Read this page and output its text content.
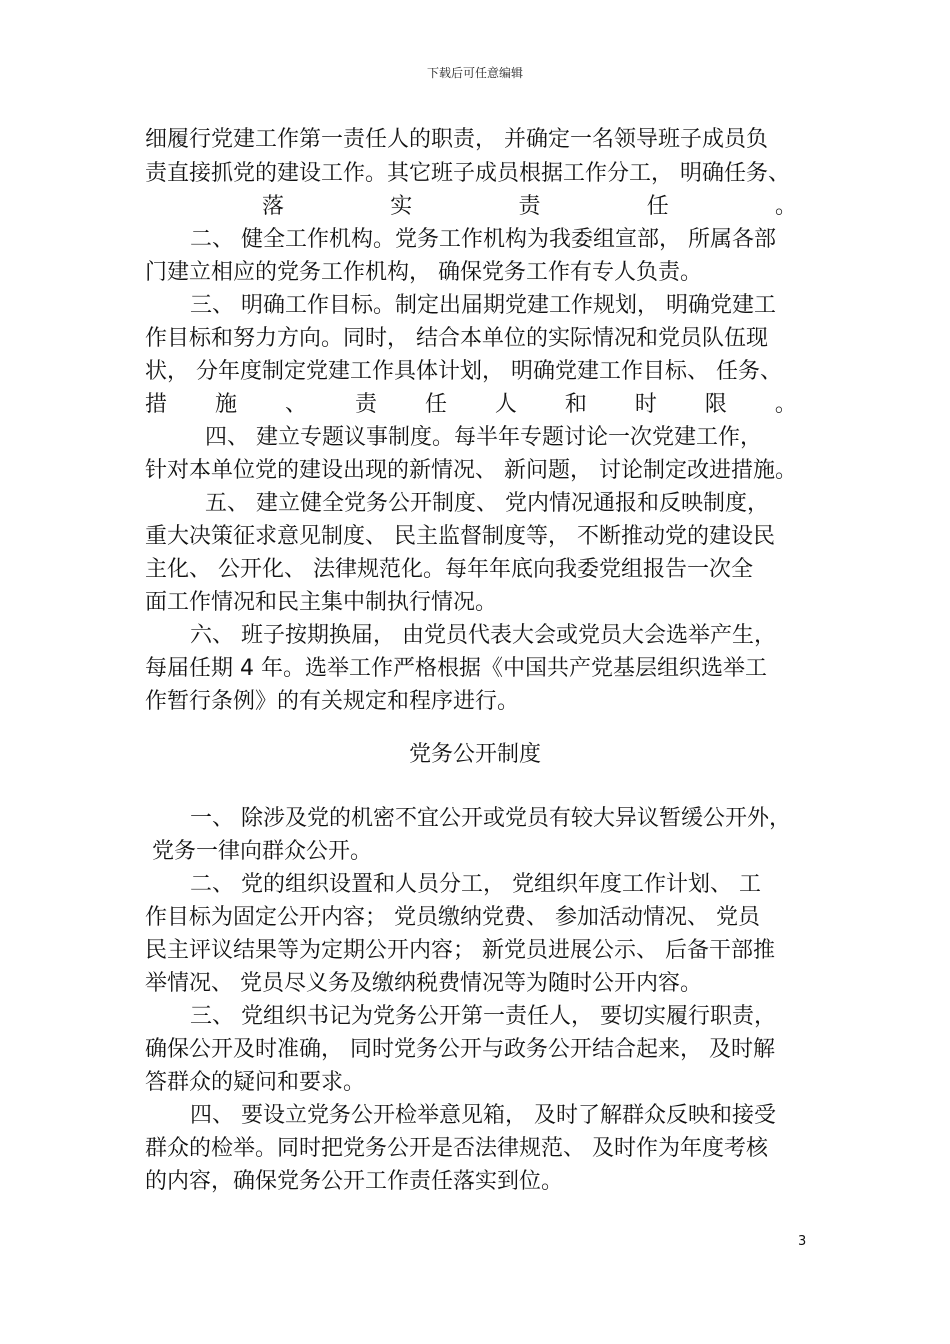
下载后可任意编辑
细履行党建工作第一责任人的职责， 并确定一名领导班子成员负
责直接抓党的建设工作。其它班子成员根据工作分工， 明确任务、
落	实	责	任	。
二、 健全工作机构。党务工作机构为我委组宣部， 所属各部
门建立相应的党务工作机构， 确保党务工作有专人负责。
三、 明确工作目标。制定出届期党建工作规划， 明确党建工
作目标和努力方向。同时， 结合本单位的实际情况和党员队伍现
状， 分年度制定党建工作具体计划， 明确党建工作目标、 任务、
措 施 、 责 任 人 和 时 限 。
四、 建立专题议事制度。每半年专题讨论一次党建工作，
针对本单位党的建设出现的新情况、 新问题， 讨论制定改进措施。
五、 建立健全党务公开制度、 党内情况通报和反映制度，
重大决策征求意见制度、 民主监督制度等， 不断推动党的建设民
主化、 公开化、 法律规范化。每年年底向我委党组报告一次全
面工作情况和民主集中制执行情况。
六、 班子按期换届， 由党员代表大会或党员大会选举产生，
每届任期 4 年。选举工作严格根据《中国共产党基层组织选举工
作暂行条例》的有关规定和程序进行。
党务公开制度
一、 除涉及党的机密不宜公开或党员有较大异议暂缓公开外，
党务一律向群众公开。
二、 党的组织设置和人员分工， 党组织年度工作计划、 工
作目标为固定公开内容； 党员缴纳党费、 参加活动情况、 党员
民主评议结果等为定期公开内容； 新党员进展公示、 后备干部推
举情况、 党员尽义务及缴纳税费情况等为随时公开内容。
三、 党组织书记为党务公开第一责任人， 要切实履行职责，
确保公开及时准确， 同时党务公开与政务公开结合起来， 及时解
答群众的疑问和要求。
四、 要设立党务公开检举意见箱， 及时了解群众反映和接受
群众的检举。同时把党务公开是否法律规范、 及时作为年度考核
的内容，确保党务公开工作责任落实到位。
3
